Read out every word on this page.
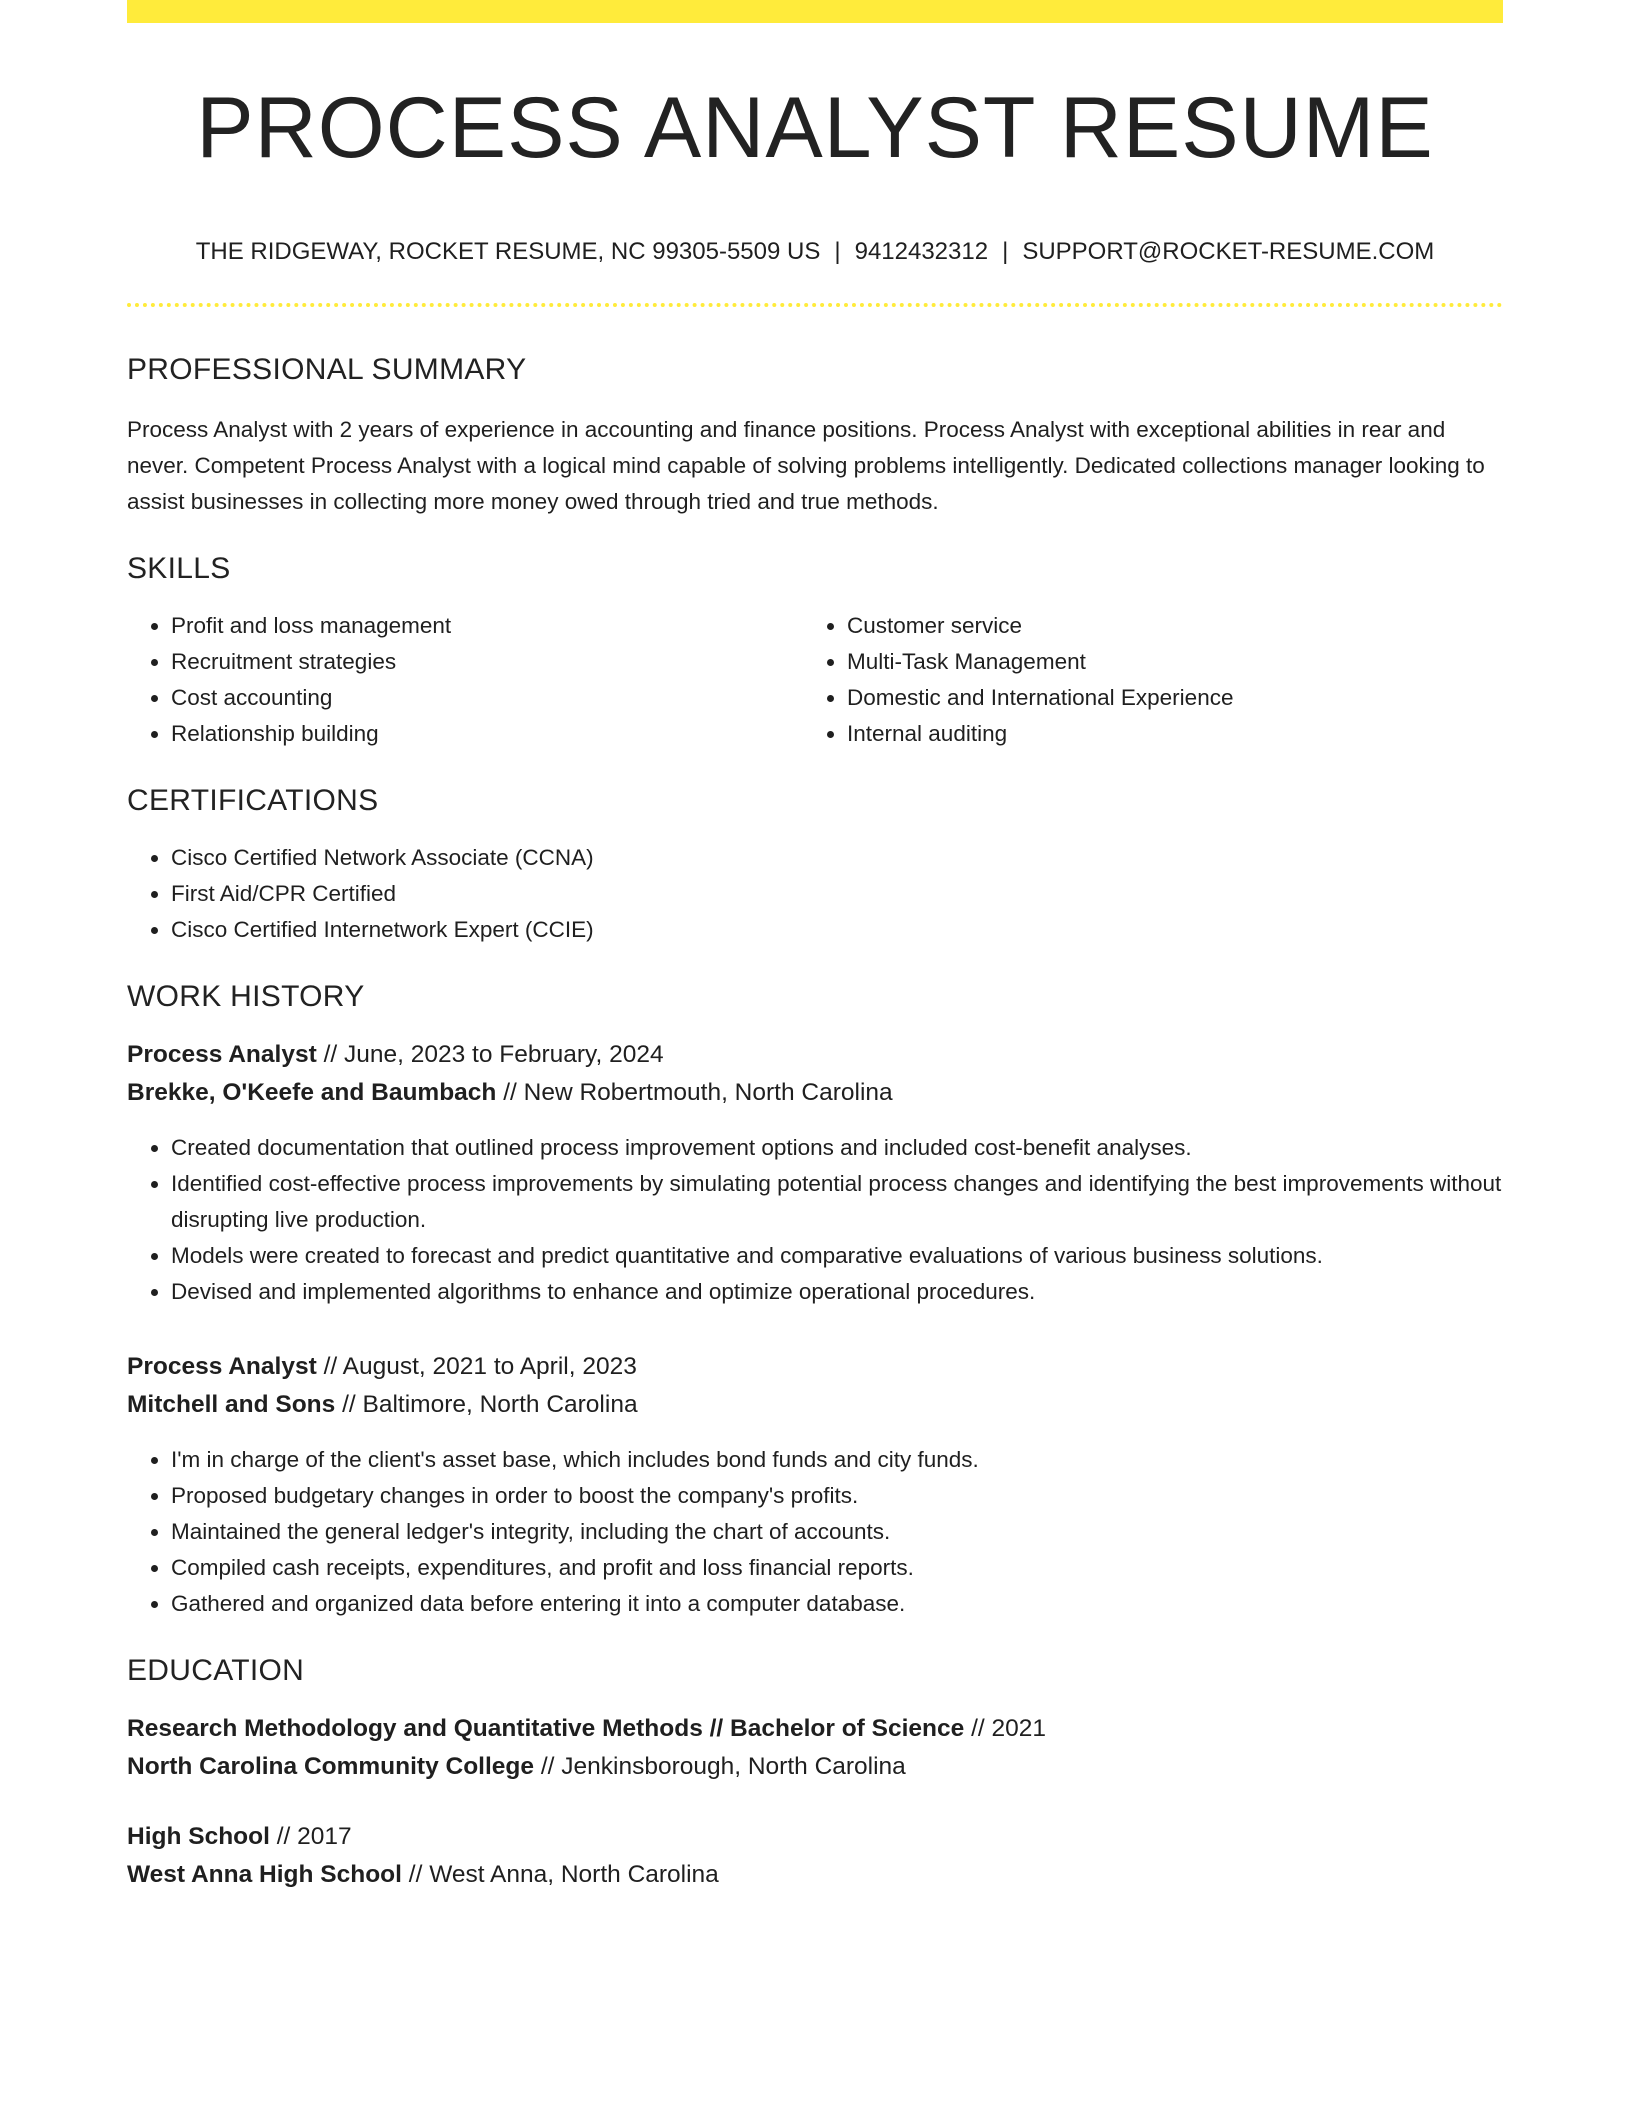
PROCESS ANALYST RESUME
THE RIDGEWAY, ROCKET RESUME, NC 99305-5509 US | 9412432312 | SUPPORT@ROCKET-RESUME.COM
PROFESSIONAL SUMMARY

Process Analyst with 2 years of experience in accounting and finance positions. Process Analyst with exceptional abilities in rear and never. Competent Process Analyst with a logical mind capable of solving problems intelligently. Dedicated collections manager looking to assist businesses in collecting more money owed through tried and true methods.

SKILLS
• Profit and loss management
• Recruitment strategies
• Cost accounting
• Relationship building
• Customer service
• Multi-Task Management
• Domestic and International Experience
• Internal auditing
CERTIFICATIONS
• Cisco Certified Network Associate (CCNA)
• First Aid/CPR Certified
• Cisco Certified Internetwork Expert (CCIE)
WORK HISTORY
Process Analyst // June, 2023 to February, 2024
Brekke, O'Keefe and Baumbach // New Robertmouth, North Carolina
• Created documentation that outlined process improvement options and included cost-benefit analyses.
• Identified cost-effective process improvements by simulating potential process changes and identifying the best improvements without disrupting live production.
• Models were created to forecast and predict quantitative and comparative evaluations of various business solutions.
• Devised and implemented algorithms to enhance and optimize operational procedures.
Process Analyst // August, 2021 to April, 2023
Mitchell and Sons // Baltimore, North Carolina
• I'm in charge of the client's asset base, which includes bond funds and city funds.
• Proposed budgetary changes in order to boost the company's profits.
• Maintained the general ledger's integrity, including the chart of accounts.
• Compiled cash receipts, expenditures, and profit and loss financial reports.
• Gathered and organized data before entering it into a computer database.
EDUCATION
Research Methodology and Quantitative Methods // Bachelor of Science // 2021
North Carolina Community College // Jenkinsborough, North Carolina
High School // 2017
West Anna High School // West Anna, North Carolina
